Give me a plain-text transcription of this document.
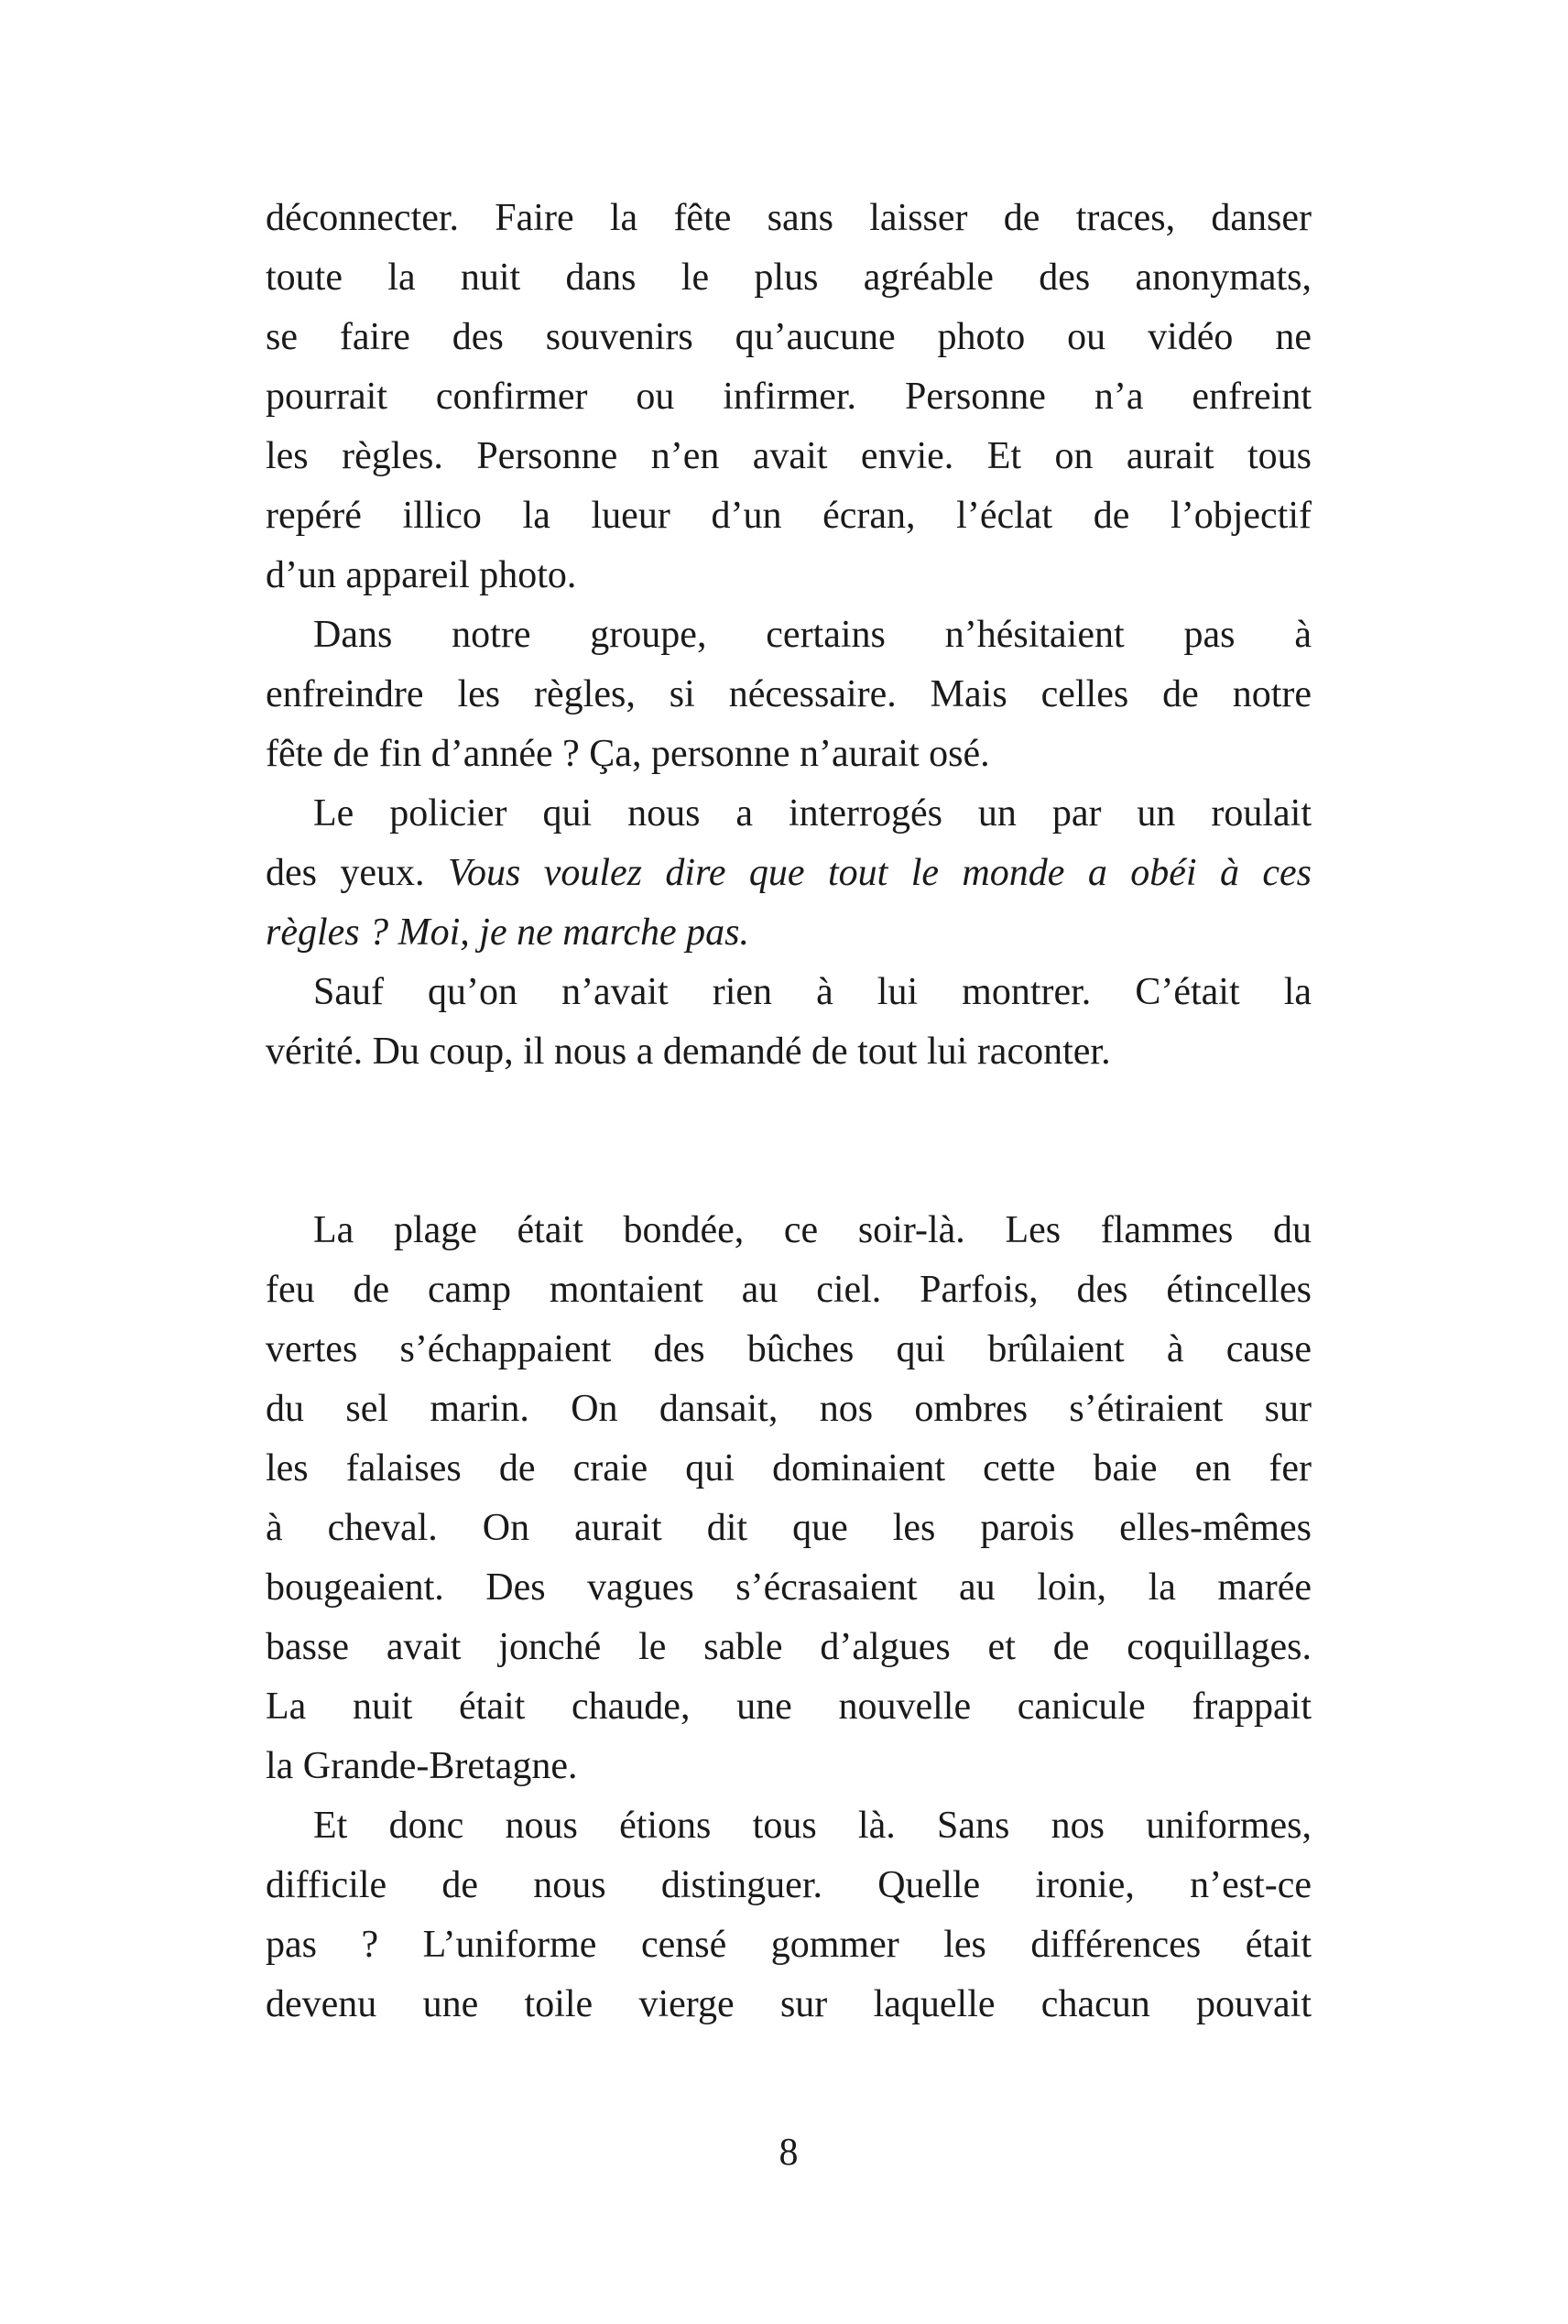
déconnecter. Faire la fête sans laisser de traces, danser
toute la nuit dans le plus agréable des anonymats,
se faire des souvenirs qu’aucune photo ou vidéo ne
pourrait confirmer ou infirmer. Personne n’a enfreint
les règles. Personne n’en avait envie. Et on aurait tous
repéré illico la lueur d’un écran, l’éclat de l’objectif
d’un appareil photo.
Dans notre groupe, certains n’hésitaient pas à
enfreindre les règles, si nécessaire. Mais celles de notre
fête de fin d’année ? Ça, personne n’aurait osé.
Le policier qui nous a interrogés un par un roulait
des yeux. Vous voulez dire que tout le monde a obéi à ces
règles ? Moi, je ne marche pas.
Sauf qu’on n’avait rien à lui montrer. C’était la
vérité. Du coup, il nous a demandé de tout lui raconter.
La plage était bondée, ce soir-là. Les flammes du
feu de camp montaient au ciel. Parfois, des étincelles
vertes s’échappaient des bûches qui brûlaient à cause
du sel marin. On dansait, nos ombres s’étiraient sur
les falaises de craie qui dominaient cette baie en fer
à cheval. On aurait dit que les parois elles-mêmes
bougeaient. Des vagues s’écrasaient au loin, la marée
basse avait jonché le sable d’algues et de coquillages.
La nuit était chaude, une nouvelle canicule frappait
la Grande-Bretagne.
Et donc nous étions tous là. Sans nos uniformes,
difficile de nous distinguer. Quelle ironie, n’est-ce
pas ? L’uniforme censé gommer les différences était
devenu une toile vierge sur laquelle chacun pouvait
8
